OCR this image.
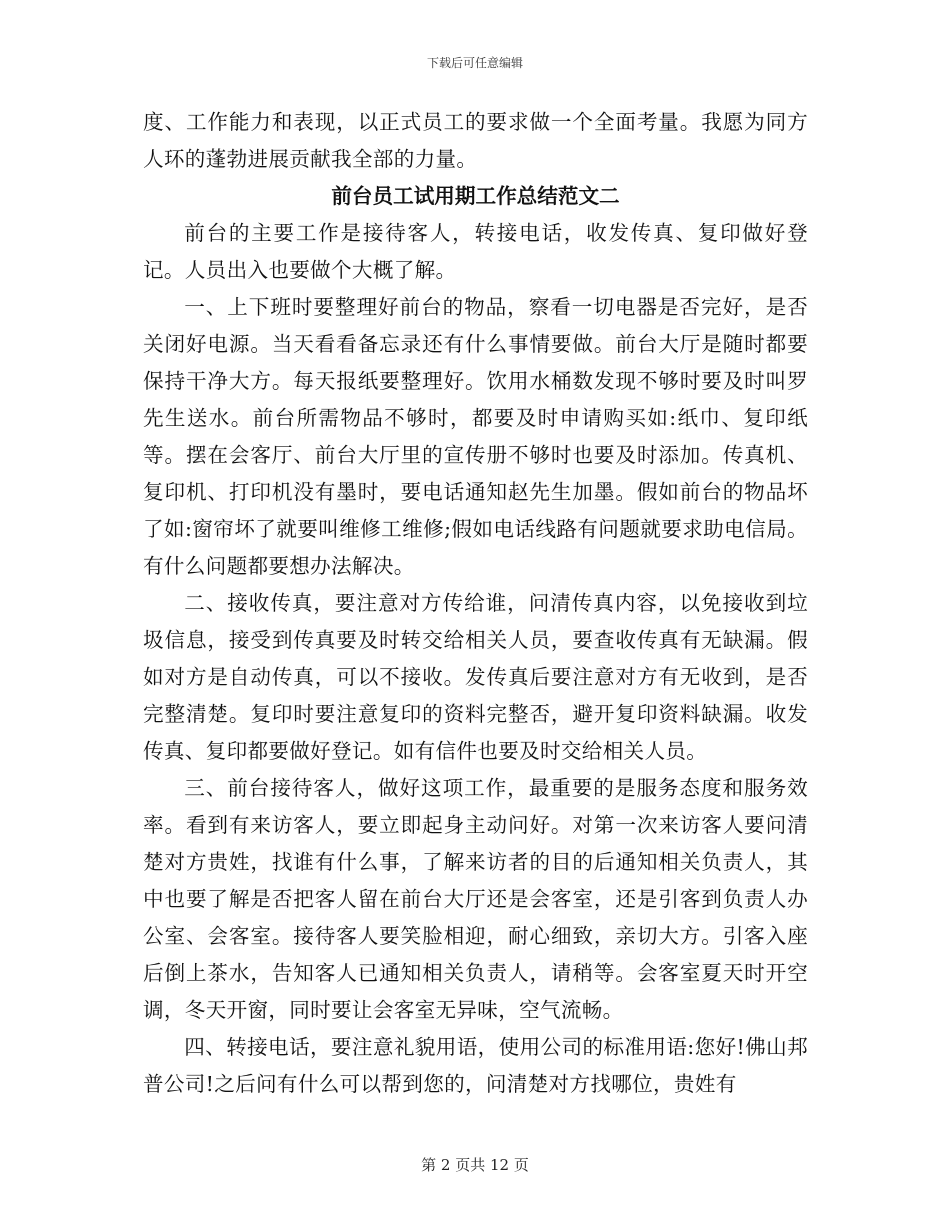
下载后可任意编辑

度、工作能力和表现，以正式员工的要求做一个全面考量。我愿为同方人环的蓬勃进展贡献我全部的力量。

前台员工试用期工作总结范文二

前台的主要工作是接待客人，转接电话，收发传真、复印做好登记。人员出入也要做个大概了解。

一、上下班时要整理好前台的物品，察看一切电器是否完好，是否关闭好电源。当天看看备忘录还有什么事情要做。前台大厅是随时都要保持干净大方。每天报纸要整理好。饮用水桶数发现不够时要及时叫罗先生送水。前台所需物品不够时，都要及时申请购买如:纸巾、复印纸等。摆在会客厅、前台大厅里的宣传册不够时也要及时添加。传真机、复印机、打印机没有墨时，要电话通知赵先生加墨。假如前台的物品坏了如:窗帘坏了就要叫维修工维修;假如电话线路有问题就要求助电信局。有什么问题都要想办法解决。

二、接收传真，要注意对方传给谁，问清传真内容，以免接收到垃圾信息，接受到传真要及时转交给相关人员，要查收传真有无缺漏。假如对方是自动传真，可以不接收。发传真后要注意对方有无收到，是否完整清楚。复印时要注意复印的资料完整否，避开复印资料缺漏。收发传真、复印都要做好登记。如有信件也要及时交给相关人员。

三、前台接待客人，做好这项工作，最重要的是服务态度和服务效率。看到有来访客人，要立即起身主动问好。对第一次来访客人要问清楚对方贵姓，找谁有什么事，了解来访者的目的后通知相关负责人，其中也要了解是否把客人留在前台大厅还是会客室，还是引客到负责人办公室、会客室。接待客人要笑脸相迎，耐心细致，亲切大方。引客入座后倒上茶水，告知客人已通知相关负责人，请稍等。会客室夏天时开空调，冬天开窗，同时要让会客室无异味，空气流畅。

四、转接电话，要注意礼貌用语，使用公司的标准用语:您好!佛山邦普公司!之后问有什么可以帮到您的，问清楚对方找哪位，贵姓有

第 2 页共 12 页
